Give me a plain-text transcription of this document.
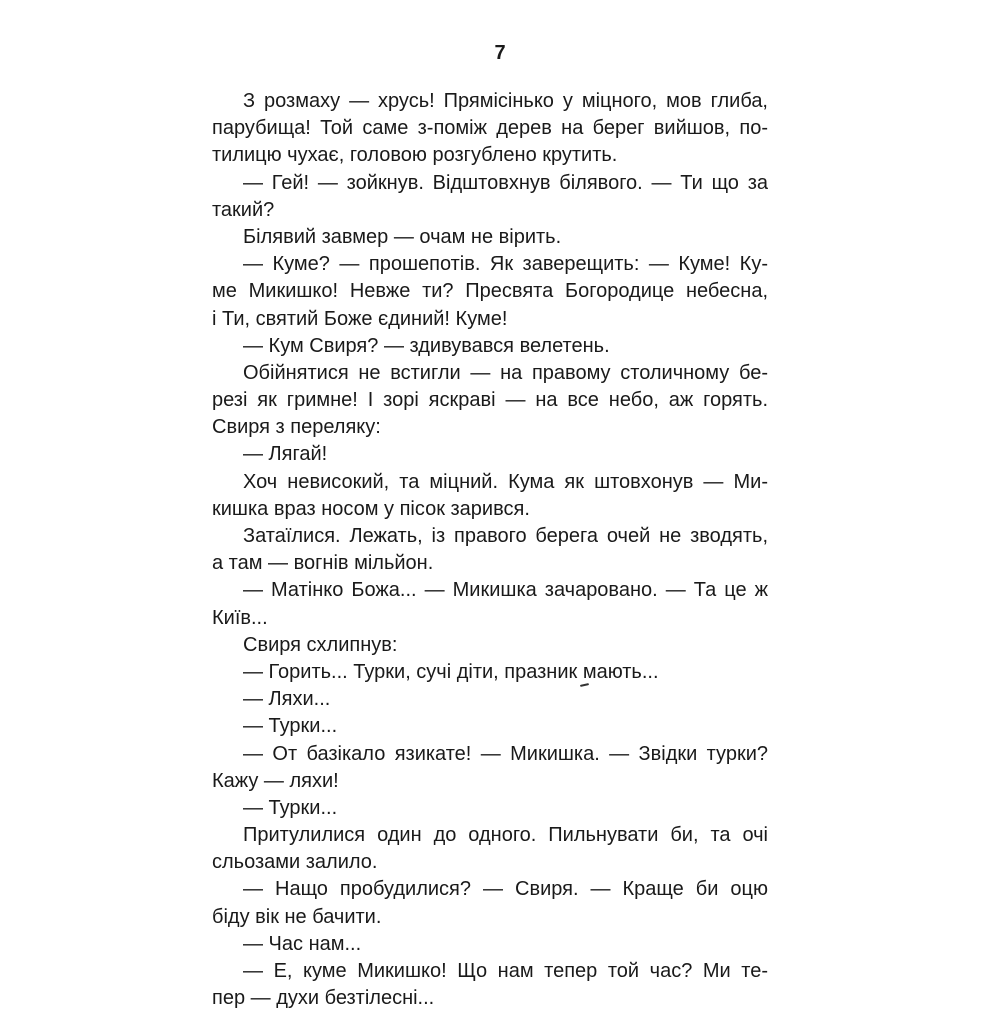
7
З розмаху — хрусь! Прямісінько у міцного, мов глиба,
парубища! Той саме з-поміж дерев на берег вийшов, по-
тилицю чухає, головою розгублено крутить.
— Гей! — зойкнув. Відштовхнув білявого. — Ти що за
такий?
Білявий завмер — очам не вірить.
— Куме? — прошепотів. Як заверещить: — Куме! Ку-
ме Микишко! Невже ти? Пресвята Богородице небесна,
і Ти, святий Боже єдиний! Куме!
— Кум Свиря? — здивувався велетень.
Обійнятися не встигли — на правому столичному бе-
резі як гримне! І зорі яскраві — на все небо, аж горять.
Свиря з переляку:
— Лягай!
Хоч невисокий, та міцний. Кума як штовхонув — Ми-
кишка враз носом у пісок зарився.
Затаїлися. Лежать, із правого берега очей не зводять,
а там — вогнів мільйон.
— Матінко Божа... — Микишка зачаровано. — Та це ж
Київ...
Свиря схлипнув:
— Горить... Турки, сучі діти, празник мають...
— Ляхи...
— Турки...
— От базікало язикате! — Микишка. — Звідки турки?
Кажу — ляхи!
— Турки...
Притулилися один до одного. Пильнувати би, та очі
сльозами залило.
— Нащо пробудилися? — Свиря. — Краще би оцю
біду вік не бачити.
— Час нам...
— Е, куме Микишко! Що нам тепер той час? Ми те-
пер — духи безтілесні...
